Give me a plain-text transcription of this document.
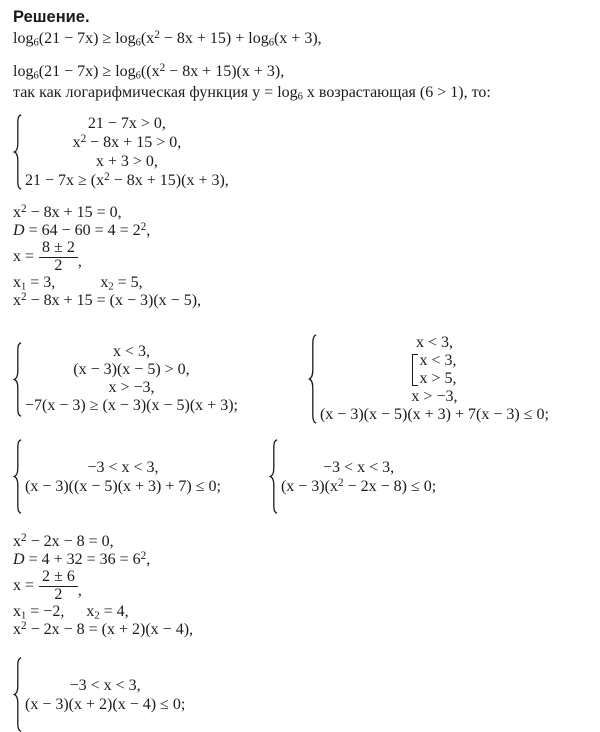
Решение.
$\log_6(21 - 7x) \ge \log_6(x^2 - 8x + 15) + \log_6(x + 3)$,
$\log_6(21 - 7x) \ge \log_6((x^2 - 8x + 15)(x + 3)$,
так как логарифмическая функция $y = \log_6 x$ возрастающая (6 > 1), то:
21 − 7x > 0,
$x^2 - 8x + 15 > 0$,
x + 3 > 0,
$21 - 7x \ge (x^2 - 8x + 15)(x + 3)$,
$x^2 - 8x + 15 = 0$,
$D = 64 - 60 = 4 = 2^2$,
$x = \frac{8 \pm 2}{2}$ ,
$x_1 = 3$,	$x_2 = 5$,
$x^2 - 8x + 15 = (x - 3)(x - 5)$,
x < 3,
(x − 3)(x − 5) > 0,
x > −3,
−7(x − 3) ≥ (x − 3)(x − 5)(x + 3);
x < 3,
x < 3,
x > 5,
x > −3,
(x − 3)(x − 5)(x + 3) + 7(x − 3) ≤ 0;
−3 < x < 3,
(x − 3)((x − 5)(x + 3) + 7) ≤ 0;
−3 < x < 3,
$(x - 3)(x^2 - 2x - 8) \le 0$;
$x^2 - 2x - 8 = 0$,
$D = 4 + 32 = 36 = 6^2$,
$x = \frac{2 \pm 6}{2}$ ,
$x_1 = -2$, $x_2 = 4$,
$x^2 - 2x - 8 = (x + 2)(x - 4)$,
−3 < x < 3,
(x − 3)(x + 2)(x − 4) ≤ 0;
